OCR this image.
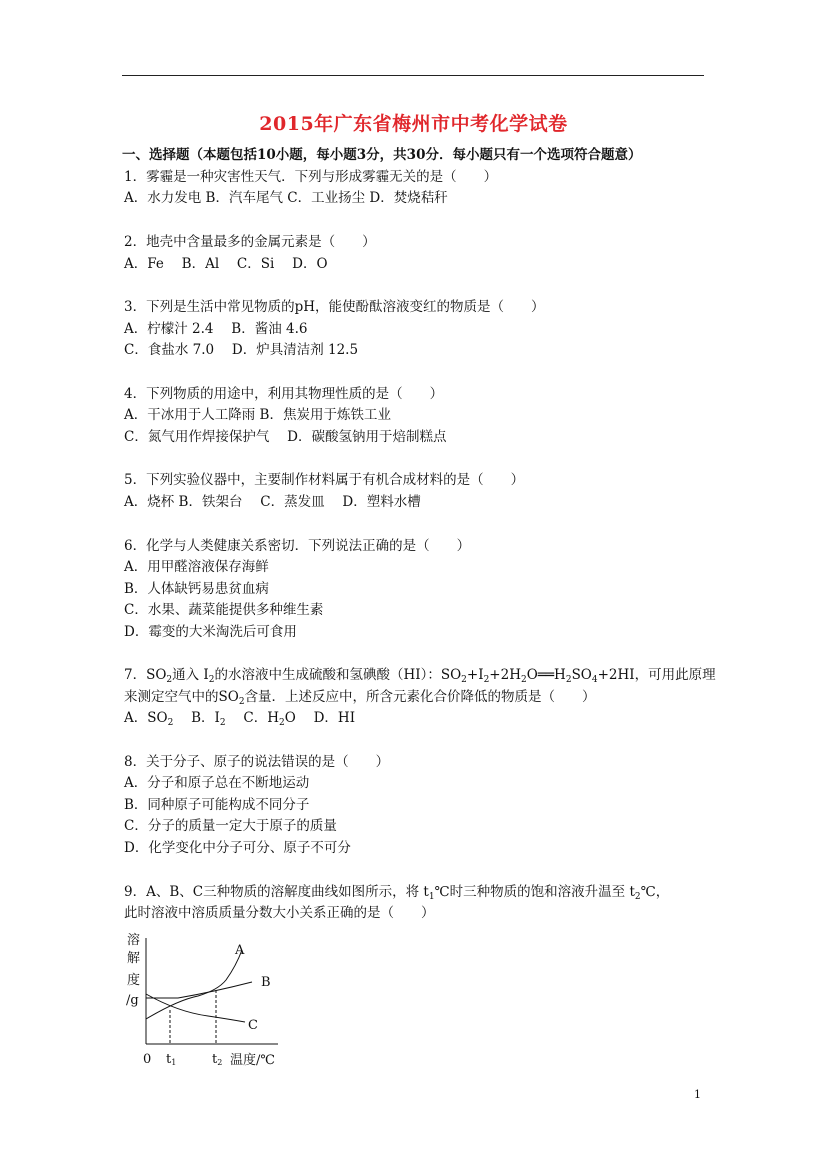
2015年广东省梅州市中考化学试卷
一、选择题（本题包括10小题，每小题3分，共30分．每小题只有一个选项符合题意）
1．雾霾是一种灾害性天气．下列与形成雾霾无关的是（　　）
A．水力发电 B．汽车尾气 C．工业扬尘 D．焚烧秸秆
2．地壳中含量最多的金属元素是（　　）
A．Fe　 B．Al　 C．Si　 D．O
3．下列是生活中常见物质的pH，能使酚酞溶液变红的物质是（　　）
A．柠檬汁 2.4　 B．酱油 4.6
C．食盐水 7.0　 D．炉具清洁剂 12.5
4．下列物质的用途中，利用其物理性质的是（　　）
A．干冰用于人工降雨 B．焦炭用于炼铁工业
C．氮气用作焊接保护气　 D．碳酸氢钠用于焙制糕点
5．下列实验仪器中，主要制作材料属于有机合成材料的是（　　）
A．烧杯 B．铁架台　 C．蒸发皿　 D．塑料水槽
6．化学与人类健康关系密切．下列说法正确的是（　　）
A．用甲醛溶液保存海鲜
B．人体缺钙易患贫血病
C．水果、蔬菜能提供多种维生素
D．霉变的大米淘洗后可食用
7．$SO_2$通入 $I_2$的水溶液中生成硫酸和氢碘酸（HI）：$SO_2+I_2+2H_2O══H_2SO_4+2HI$，可用此原理
来测定空气中的$SO_2$含量．上述反应中，所含元素化合价降低的物质是（　　）
A．$SO_2$　 B．$I_2$　 C．$H_2O$　 D．HI
8．关于分子、原子的说法错误的是（　　）
A．分子和原子总在不断地运动
B．同种原子可能构成不同分子
C．分子的质量一定大于原子的质量
D．化学变化中分子可分、原子不可分
9．A、B、C三种物质的溶解度曲线如图所示，将 $t_1℃$时三种物质的饱和溶液升温至 $t_2℃$，
此时溶液中溶质质量分数大小关系正确的是（　　）
溶
解
度
/g
0 t1	t2 温度/℃
A
B
C
1
